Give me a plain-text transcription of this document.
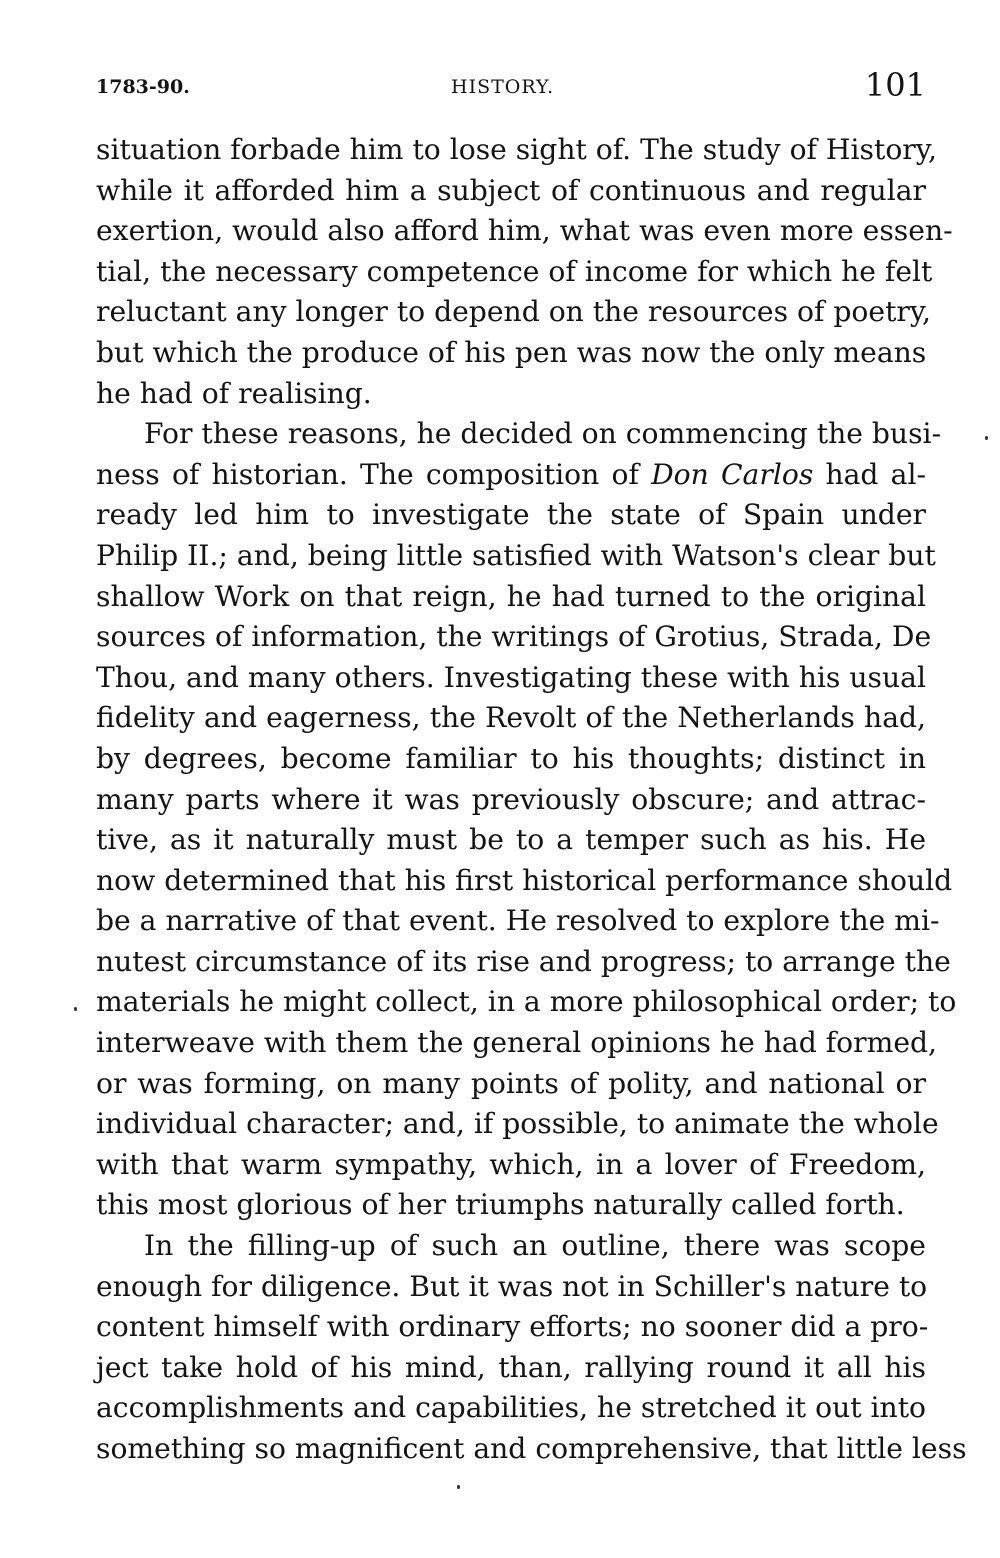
1783-90.	HISTORY.	101
situation forbade him to lose sight of. The study of History,
while it afforded him a subject of continuous and regular
exertion, would also afford him, what was even more essen-
tial, the necessary competence of income for which he felt
reluctant any longer to depend on the resources of poetry,
but which the produce of his pen was now the only means
he had of realising.
For these reasons, he decided on commencing the busi-
ness of historian. The composition of Don Carlos had al-
ready led him to investigate the state of Spain under
Philip II.; and, being little satisfied with Watson's clear but
shallow Work on that reign, he had turned to the original
sources of information, the writings of Grotius, Strada, De
Thou, and many others. Investigating these with his usual
fidelity and eagerness, the Revolt of the Netherlands had,
by degrees, become familiar to his thoughts; distinct in
many parts where it was previously obscure; and attrac-
tive, as it naturally must be to a temper such as his. He
now determined that his first historical performance should
be a narrative of that event. He resolved to explore the mi-
nutest circumstance of its rise and progress; to arrange the
materials he might collect, in a more philosophical order; to
interweave with them the general opinions he had formed,
or was forming, on many points of polity, and national or
individual character; and, if possible, to animate the whole
with that warm sympathy, which, in a lover of Freedom,
this most glorious of her triumphs naturally called forth.
In the filling-up of such an outline, there was scope
enough for diligence. But it was not in Schiller's nature to
content himself with ordinary efforts; no sooner did a pro-
ject take hold of his mind, than, rallying round it all his
accomplishments and capabilities, he stretched it out into
something so magnificent and comprehensive, that little less
